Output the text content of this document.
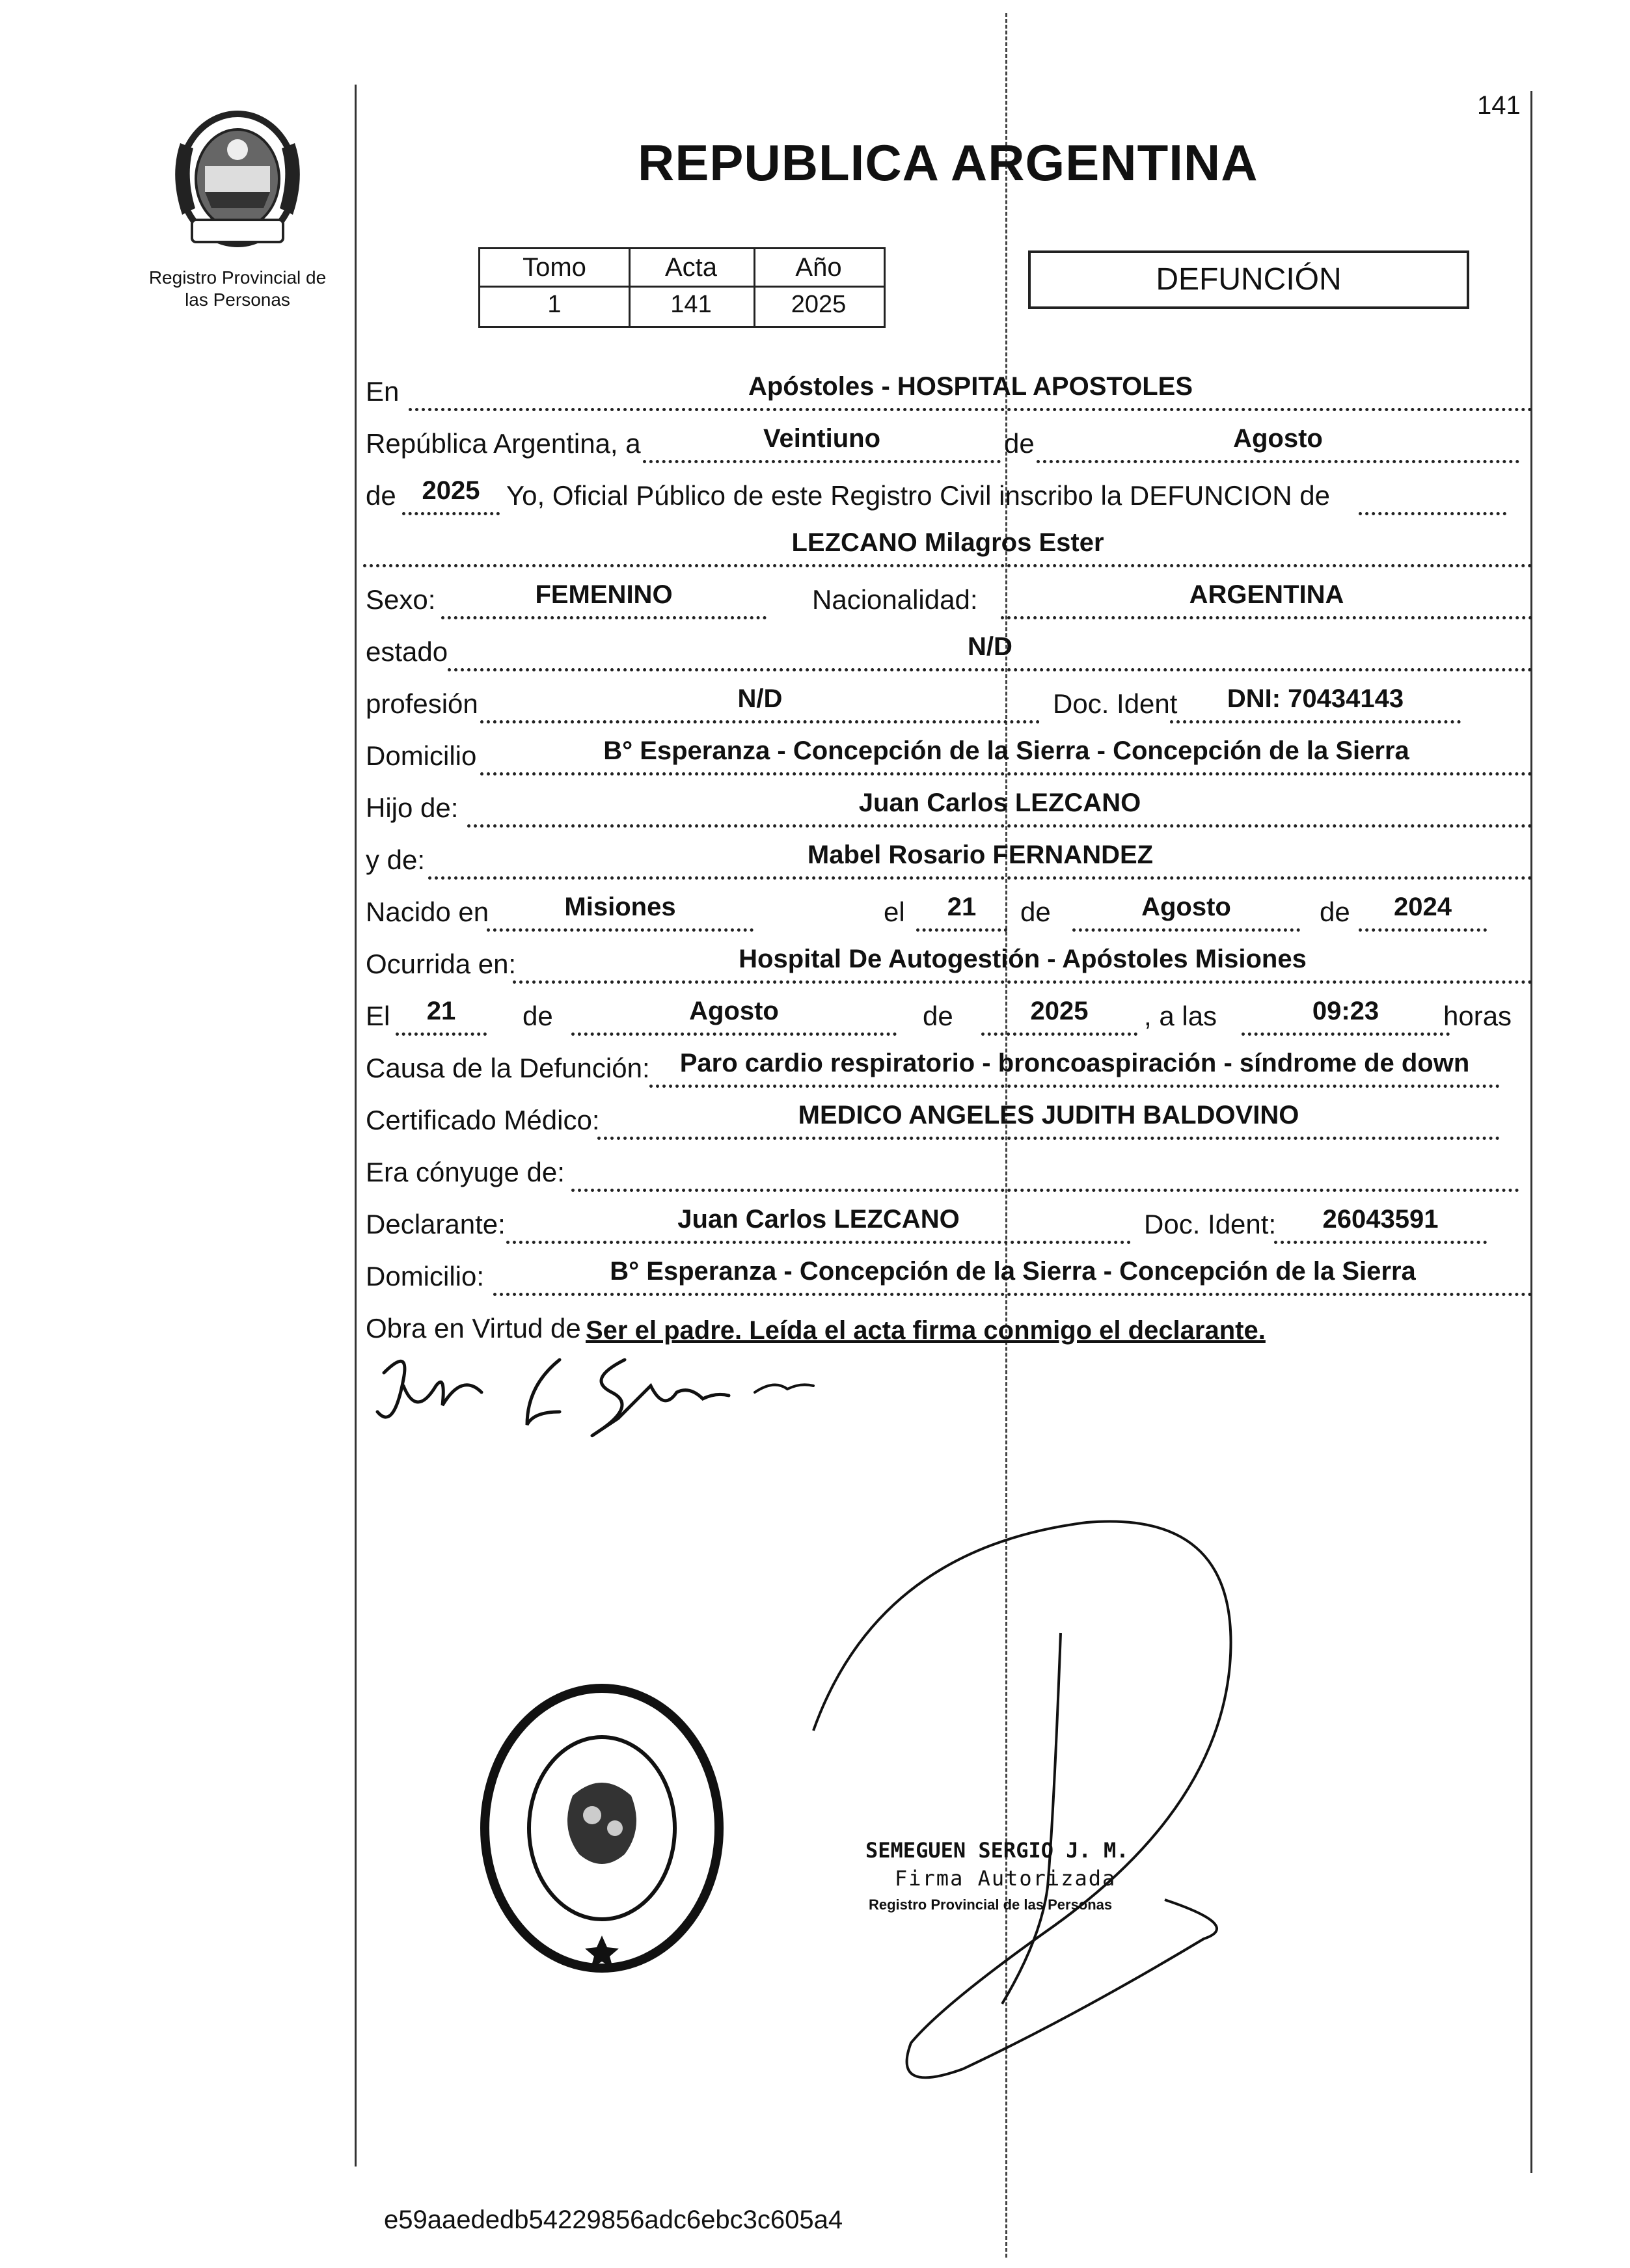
141
Registro Provincial de
las Personas
REPUBLICA ARGENTINA
Tomo	Acta	Año
1	141	2025
DEFUNCIÓN
En	Apóstoles - HOSPITAL APOSTOLES
República Argentina, a	Veintiuno	de	Agosto
de 2025 Yo, Oficial Público de este Registro Civil inscribo la DEFUNCION de
LEZCANO Milagros Ester
Sexo:	FEMENINO	Nacionalidad:	ARGENTINA
estado	N/D
profesión	N/D	Doc. Ident	DNI: 70434143
Domicilio	B° Esperanza - Concepción de la Sierra - Concepción de la Sierra
Hijo de:	Juan Carlos LEZCANO
y de:	Mabel Rosario FERNANDEZ
Nacido en	Misiones	el	21	de	Agosto	de	2024
Ocurrida en:	Hospital De Autogestión - Apóstoles Misiones
El	21	de	Agosto	de	2025	, a las	09:23	horas
Causa de la Defunción:	Paro cardio respiratorio - broncoaspiración - síndrome de down
Certificado Médico:	MEDICO ANGELES JUDITH BALDOVINO
Era cónyuge de:
Declarante:	Juan Carlos LEZCANO	Doc. Ident:	26043591
Domicilio:	B° Esperanza - Concepción de la Sierra - Concepción de la Sierra
Obra en Virtud de Ser el padre. Leída el acta firma conmigo el declarante.
SEMEGUEN SERGIO J. M.
Firma Autorizada
Registro Provincial de las Personas
e59aaededb54229856adc6ebc3c605a4
